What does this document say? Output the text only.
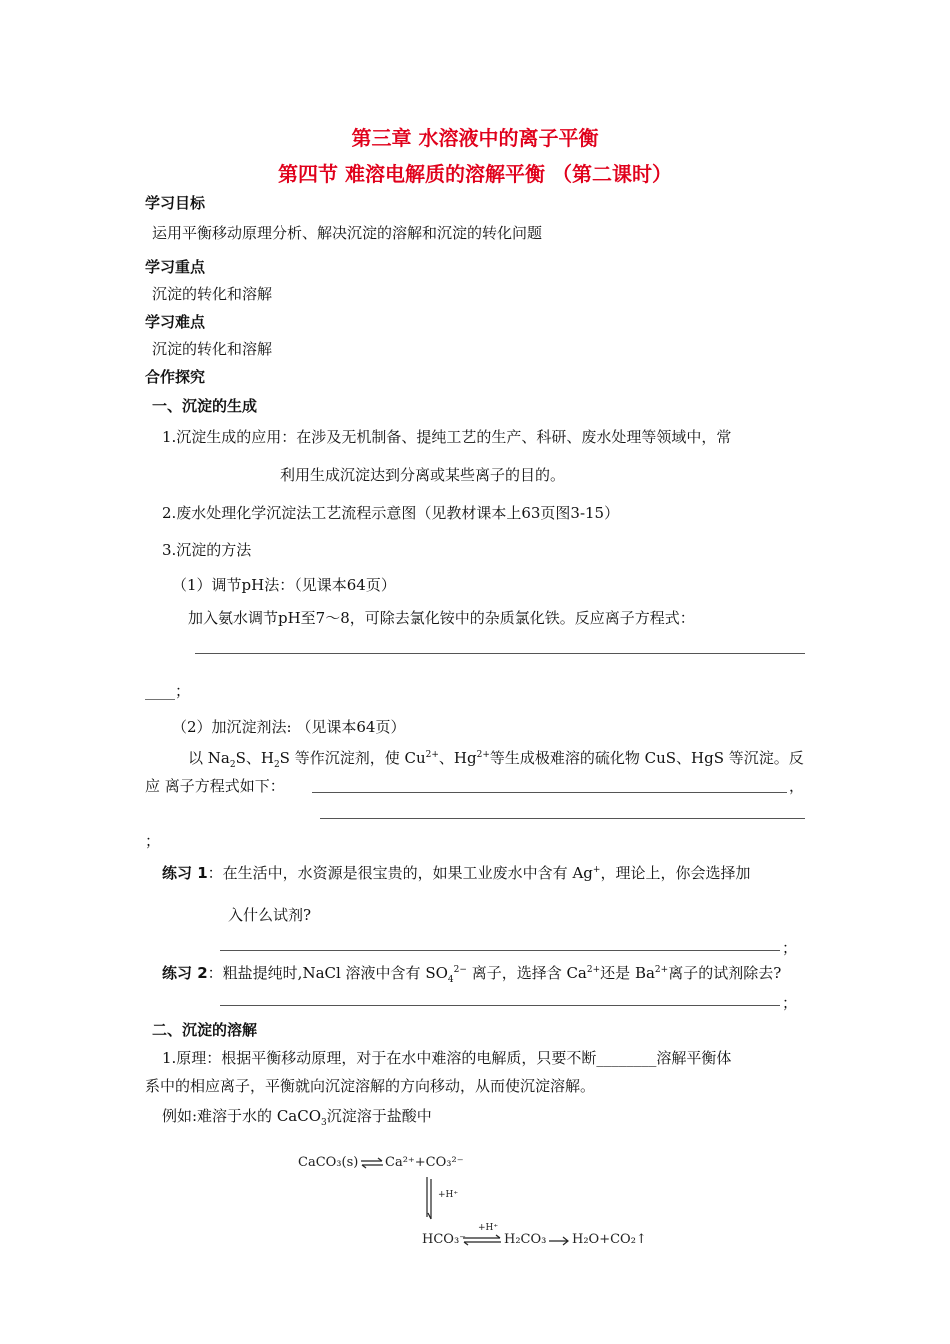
第三章 水溶液中的离子平衡
第四节 难溶电解质的溶解平衡 （第二课时）
学习目标
运用平衡移动原理分析、解决沉淀的溶解和沉淀的转化问题
学习重点
沉淀的转化和溶解
学习难点
沉淀的转化和溶解
合作探究
一、沉淀的生成
1.沉淀生成的应用：在涉及无机制备、提纯工艺的生产、科研、废水处理等领域中，常
利用生成沉淀达到分离或某些离子的目的。
2.废水处理化学沉淀法工艺流程示意图（见教材课本上63页图3-15）
3.沉淀的方法
（1）调节pH法：（见课本64页）
加入氨水调节pH至7～8，可除去氯化铵中的杂质氯化铁。反应离子方程式：
____；
（2）加沉淀剂法: （见课本64页）
以 $Na_2S$、$H_2S$ 等作沉淀剂，使 $Cu^{2+}$、$Hg^{2+}$等生成极难溶的硫化物 CuS、HgS 等沉淀。反
应 离子方程式如下：	，
；
练习 1：在生活中，水资源是很宝贵的，如果工业废水中含有 Ag+，理论上，你会选择加
入什么试剂?
；
练习 2：粗盐提纯时,NaCl 溶液中含有 $SO_4^{2-}$ 离子，选择含 $Ca^{2+}$还是 $Ba^{2+}$离子的试剂除去?
；
二、沉淀的溶解
1.原理：根据平衡移动原理，对于在水中难溶的电解质，只要不断________溶解平衡体
系中的相应离子，平衡就向沉淀溶解的方向移动，从而使沉淀溶解。
例如:难溶于水的 CaCO$_3$沉淀溶于盐酸中
CaCO₃(s) ⇌ Ca²⁺+CO₃²⁻
+H⁺
HCO₃⁻
+H⁺
⇌ H₂CO₃ H₂O+CO₂↑
